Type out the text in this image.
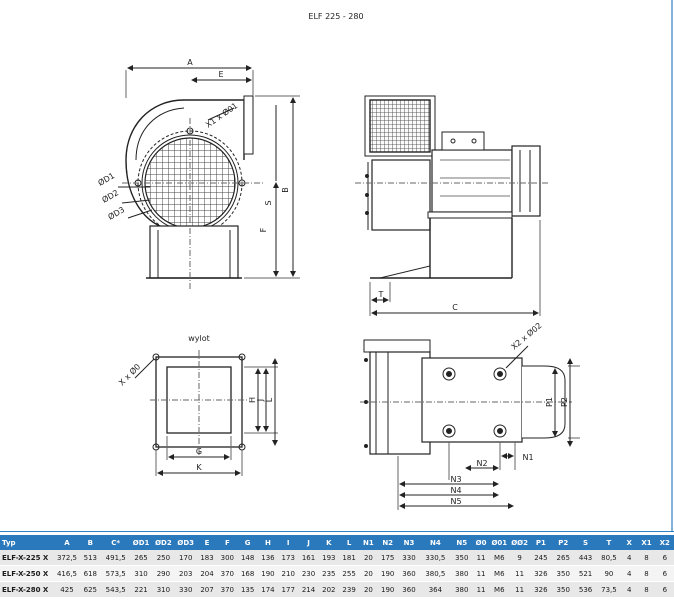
ELF 225 - 280
A
E
B
S
F
X1 x Ø01
ØD1
ØD2
ØD3
T
C
wylot
X x Ø0
G
K
H J L
X2 x Ø02
P1 P2
N1
N2
N3
N4
N5
Typ	A	B	C*	ØD1	ØD2	ØD3	E	F	G	H	I	J	K	L	N1	N2	N3	N4	N5	Ø0	Ø01	ØØ2	P1	P2	S	T	X	X1	X2
ELF-X-225 X	372,5	513	491,5	265	250	170	183	300	148	136	173	161	193	181	20	175	330	330,5	350	11	M6	9	245	265	443	80,5	4	8	6
ELF-X-250 X	416,5	618	573,5	310	290	203	204	370	168	190	210	230	235	255	20	190	360	380,5	380	11	M6	11	326	350	521	90	4	8	6
ELF-X-280 X	425	625	543,5	221	310	330	207	370	135	174	177	214	202	239	20	190	360	364	380	11	M6	11	326	350	536	73,5	4	8	6
